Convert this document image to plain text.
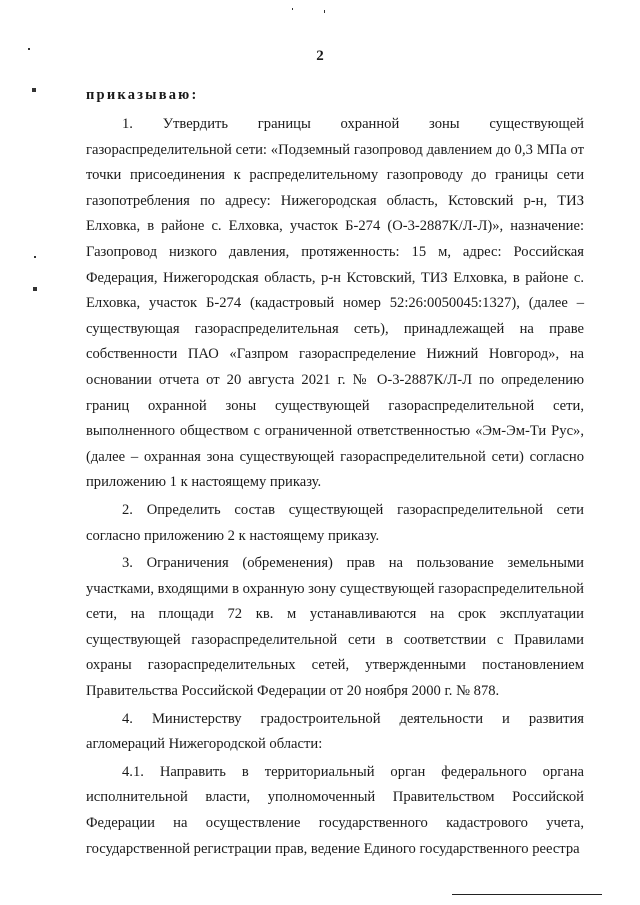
2
приказываю:

1. Утвердить границы охранной зоны существующей газораспределительной сети: «Подземный газопровод давлением до 0,3 МПа от точки присоединения к распределительному газопроводу до границы сети газопотребления по адресу: Нижегородская область, Кстовский р-н, ТИЗ Елховка, в районе с. Елховка, участок Б-274 (О-3-2887К/Л-Л)», назначение: Газопровод низкого давления, протяженность: 15 м, адрес: Российская Федерация, Нижегородская область, р-н Кстовский, ТИЗ Елховка, в районе с. Елховка, участок Б-274 (кадастровый номер 52:26:0050045:1327), (далее – существующая газораспределительная сеть), принадлежащей на праве собственности ПАО «Газпром газораспределение Нижний Новгород», на основании отчета от 20 августа 2021 г. № О-3-2887К/Л-Л по определению границ охранной зоны существующей газораспределительной сети, выполненного обществом с ограниченной ответственностью «Эм-Эм-Ти Рус», (далее – охранная зона существующей газораспределительной сети) согласно приложению 1 к настоящему приказу.

2. Определить состав существующей газораспределительной сети согласно приложению 2 к настоящему приказу.

3. Ограничения (обременения) прав на пользование земельными участками, входящими в охранную зону существующей газораспределительной сети, на площади 72 кв. м устанавливаются на срок эксплуатации существующей газораспределительной сети в соответствии с Правилами охраны газораспределительных сетей, утвержденными постановлением Правительства Российской Федерации от 20 ноября 2000 г. № 878.

4. Министерству градостроительной деятельности и развития агломераций Нижегородской области:

4.1. Направить в территориальный орган федерального органа исполнительной власти, уполномоченный Правительством Российской Федерации на осуществление государственного кадастрового учета, государственной регистрации прав, ведение Единого государственного реестра
